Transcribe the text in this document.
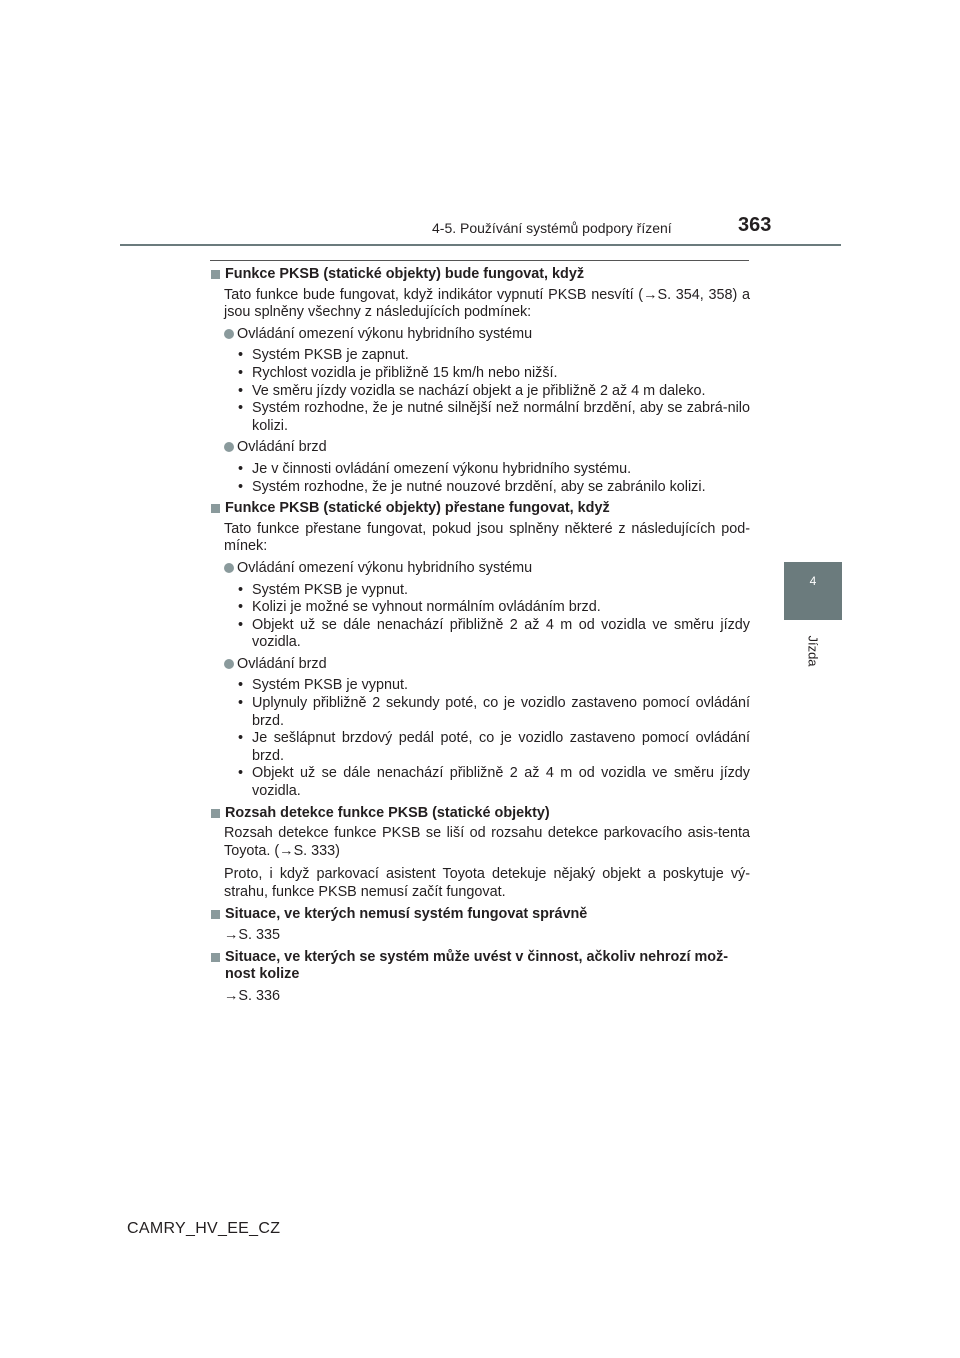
4-5. Používání systémů podpory řízení	363
4
Jízda
Funkce PKSB (statické objekty) bude fungovat, když
Tato funkce bude fungovat, když indikátor vypnutí PKSB nesvítí (→S. 354, 358) a jsou splněny všechny z následujících podmínek:
Ovládání omezení výkonu hybridního systému
• Systém PKSB je zapnut.
• Rychlost vozidla je přibližně 15 km/h nebo nižší.
• Ve směru jízdy vozidla se nachází objekt a je přibližně 2 až 4 m daleko.
• Systém rozhodne, že je nutné silnější než normální brzdění, aby se zabrá-nilo kolizi.
Ovládání brzd
• Je v činnosti ovládání omezení výkonu hybridního systému.
• Systém rozhodne, že je nutné nouzové brzdění, aby se zabránilo kolizi.
Funkce PKSB (statické objekty) přestane fungovat, když
Tato funkce přestane fungovat, pokud jsou splněny některé z následujících pod-mínek:
Ovládání omezení výkonu hybridního systému
• Systém PKSB je vypnut.
• Kolizi je možné se vyhnout normálním ovládáním brzd.
• Objekt už se dále nenachází přibližně 2 až 4 m od vozidla ve směru jízdy vozidla.
Ovládání brzd
• Systém PKSB je vypnut.
• Uplynuly přibližně 2 sekundy poté, co je vozidlo zastaveno pomocí ovládání brzd.
• Je sešlápnut brzdový pedál poté, co je vozidlo zastaveno pomocí ovládání brzd.
• Objekt už se dále nenachází přibližně 2 až 4 m od vozidla ve směru jízdy vozidla.
Rozsah detekce funkce PKSB (statické objekty)
Rozsah detekce funkce PKSB se liší od rozsahu detekce parkovacího asis-tenta Toyota. (→S. 333)
Proto, i když parkovací asistent Toyota detekuje nějaký objekt a poskytuje vý-strahu, funkce PKSB nemusí začít fungovat.
Situace, ve kterých nemusí systém fungovat správně
→S. 335
Situace, ve kterých se systém může uvést v činnost, ačkoliv nehrozí mož-nost kolize
→S. 336
CAMRY_HV_EE_CZ
